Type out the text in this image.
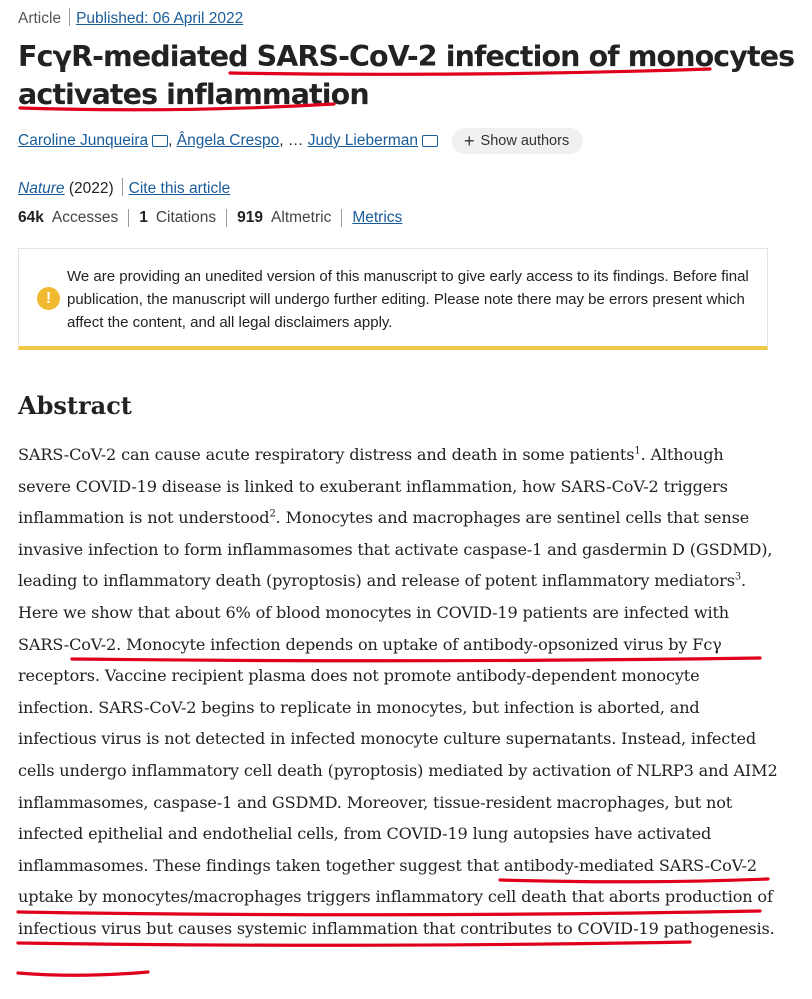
Article Published: 06 April 2022
FcγR-mediated SARS-CoV-2 infection of monocytes activates inflammation
Caroline Junqueira , Ângela Crespo , …
Judy Lieberman	+ Show authors
Nature (2022) Cite this article
64k Accesses 1 Citations 919 Altmetric Metrics
!
We are providing an unedited version of this manuscript to give early access to its findings. Before final publication, the manuscript will undergo further editing. Please note there may be errors present which affect the content, and all legal disclaimers apply.
Abstract

SARS-CoV-2 can cause acute respiratory distress and death in some patients$^1$. Although severe COVID-19 disease is linked to exuberant inflammation, how SARS-CoV-2 triggers inflammation is not understood$^2$. Monocytes and macrophages are sentinel cells that sense invasive infection to form inflammasomes that activate caspase-1 and gasdermin D (GSDMD), leading to inflammatory death (pyroptosis) and release of potent inflammatory mediators$^3$. Here we show that about 6% of blood monocytes in COVID-19 patients are infected with SARS-CoV-2. Monocyte infection depends on uptake of antibody-opsonized virus by Fcγ receptors. Vaccine recipient plasma does not promote antibody-dependent monocyte infection. SARS-CoV-2 begins to replicate in monocytes, but infection is aborted, and infectious virus is not detected in infected monocyte culture supernatants. Instead, infected cells undergo inflammatory cell death (pyroptosis) mediated by activation of NLRP3 and AIM2 inflammasomes, caspase-1 and GSDMD. Moreover, tissue-resident macrophages, but not infected epithelial and endothelial cells, from COVID-19 lung autopsies have activated inflammasomes. These findings taken together suggest that antibody-mediated SARS-CoV-2 uptake by monocytes/macrophages triggers inflammatory cell death that aborts production of infectious virus but causes systemic inflammation that contributes to COVID-19 pathogenesis.
